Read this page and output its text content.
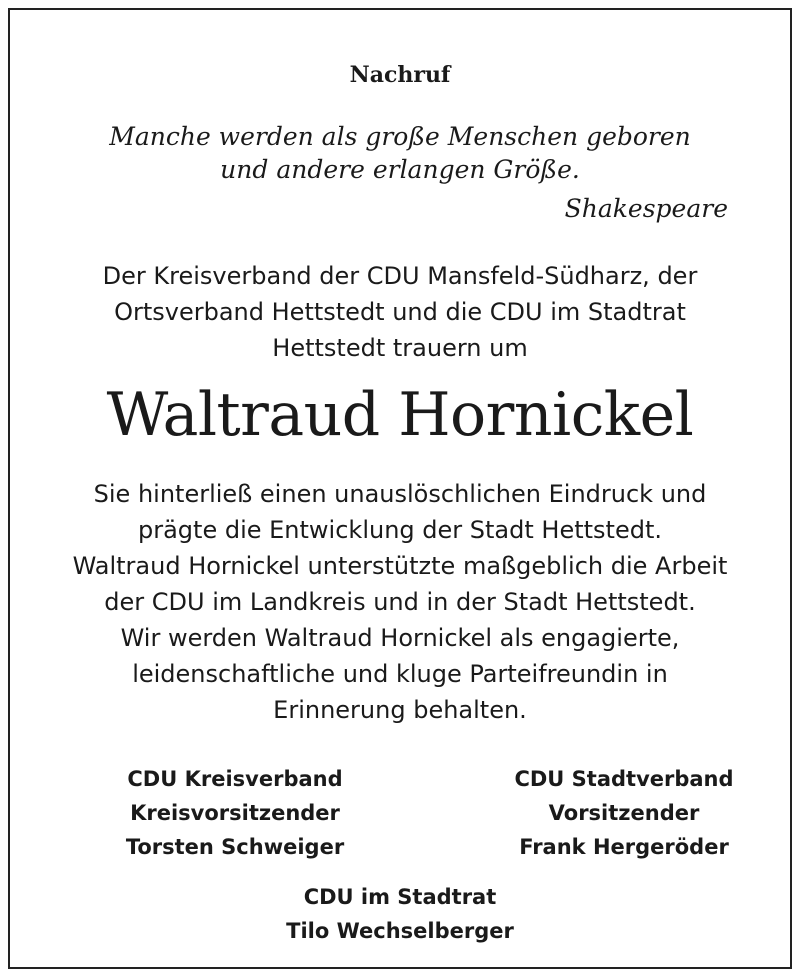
Nachruf
Manche werden als große Menschen geboren
und andere erlangen Größe.
Shakespeare
Der Kreisverband der CDU Mansfeld-Südharz, der
Ortsverband Hettstedt und die CDU im Stadtrat
Hettstedt trauern um
Waltraud Hornickel
Sie hinterließ einen unauslöschlichen Eindruck und
prägte die Entwicklung der Stadt Hettstedt.
Waltraud Hornickel unterstützte maßgeblich die Arbeit
der CDU im Landkreis und in der Stadt Hettstedt.
Wir werden Waltraud Hornickel als engagierte,
leidenschaftliche und kluge Parteifreundin in
Erinnerung behalten.
CDU Kreisverband
Kreisvorsitzender
Torsten Schweiger
CDU Stadtverband
Vorsitzender
Frank Hergeröder
CDU im Stadtrat
Tilo Wechselberger
